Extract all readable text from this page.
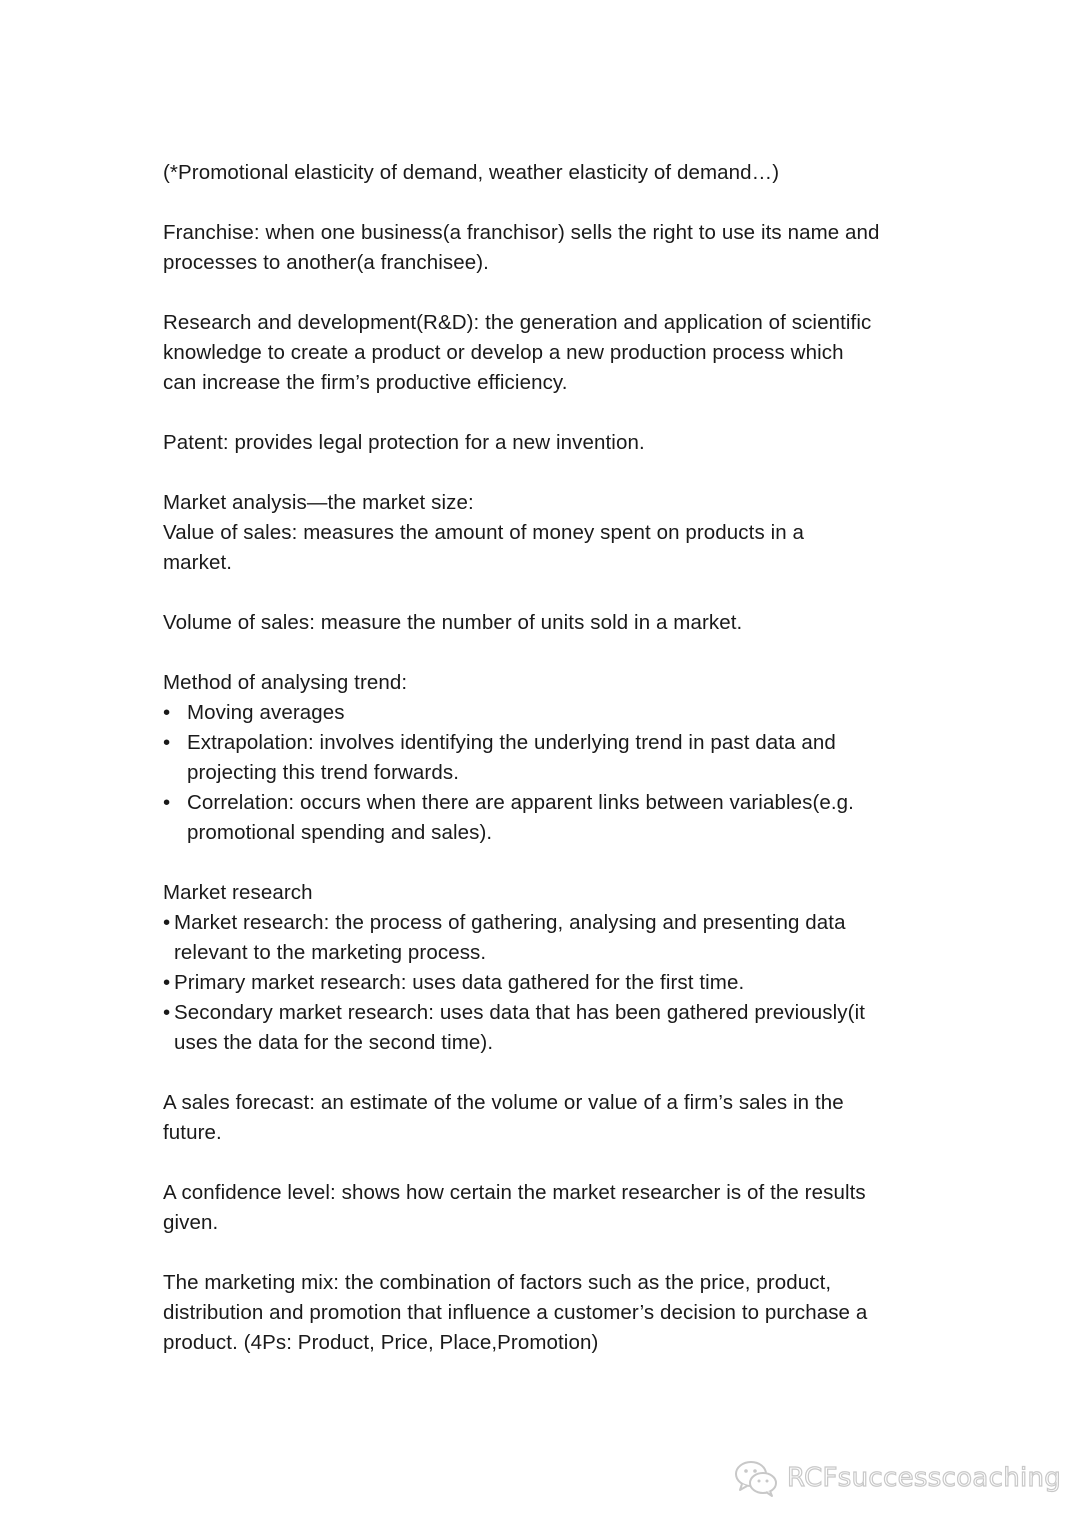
(*Promotional elasticity of demand, weather elasticity of demand…)

Franchise: when one business(a franchisor) sells the right to use its name and
processes to another(a franchisee).
Research and development(R&D): the generation and application of scientific
knowledge to create a product or develop a new production process which
can increase the firm’s productive efficiency.

Patent: provides legal protection for a new invention.

Market analysis—the market size:
Value of sales: measures the amount of money spent on products in a
market.

Volume of sales: measure the number of units sold in a market.

Method of analysing trend:
• Moving averages
• Extrapolation: involves identifying the underlying trend in past data and
projecting this trend forwards.
• Correlation: occurs when there are apparent links between variables(e.g.
promotional spending and sales).
Market research
• Market research: the process of gathering, analysing and presenting data
relevant to the marketing process.
• Primary market research: uses data gathered for the first time.
• Secondary market research: uses data that has been gathered previously(it
uses the data for the second time).
A sales forecast: an estimate of the volume or value of a firm’s sales in the
future.
A confidence level: shows how certain the market researcher is of the results
given.
The marketing mix: the combination of factors such as the price, product,
distribution and promotion that influence a customer’s decision to purchase a
product. (4Ps: Product, Price, Place,Promotion)
RCFsuccesscoaching
